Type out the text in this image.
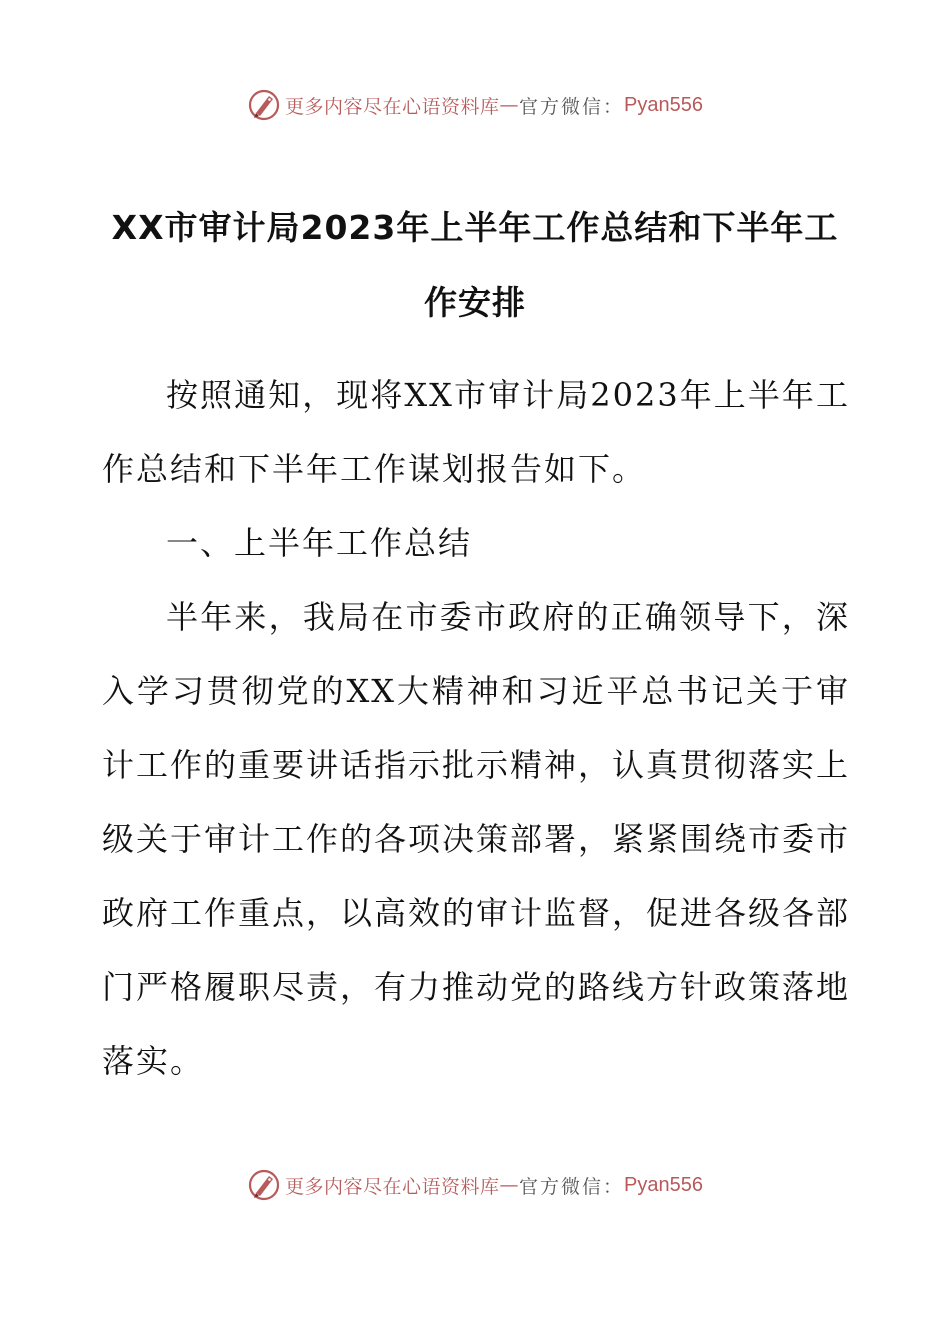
更多内容尽在心语资料库 — 官方微信： Pyan556
XX市审计局2023年上半年工作总结和下半年工作安排

按照通知，现将XX市审计局2023年上半年工作总结和下半年工作谋划报告如下。

一、上半年工作总结

半年来，我局在市委市政府的正确领导下，深入学习贯彻党的XX大精神和习近平总书记关于审计工作的重要讲话指示批示精神，认真贯彻落实上级关于审计工作的各项决策部署，紧紧围绕市委市政府工作重点，以高效的审计监督，促进各级各部门严格履职尽责，有力推动党的路线方针政策落地落实。

更多内容尽在心语资料库 — 官方微信： Pyan556
